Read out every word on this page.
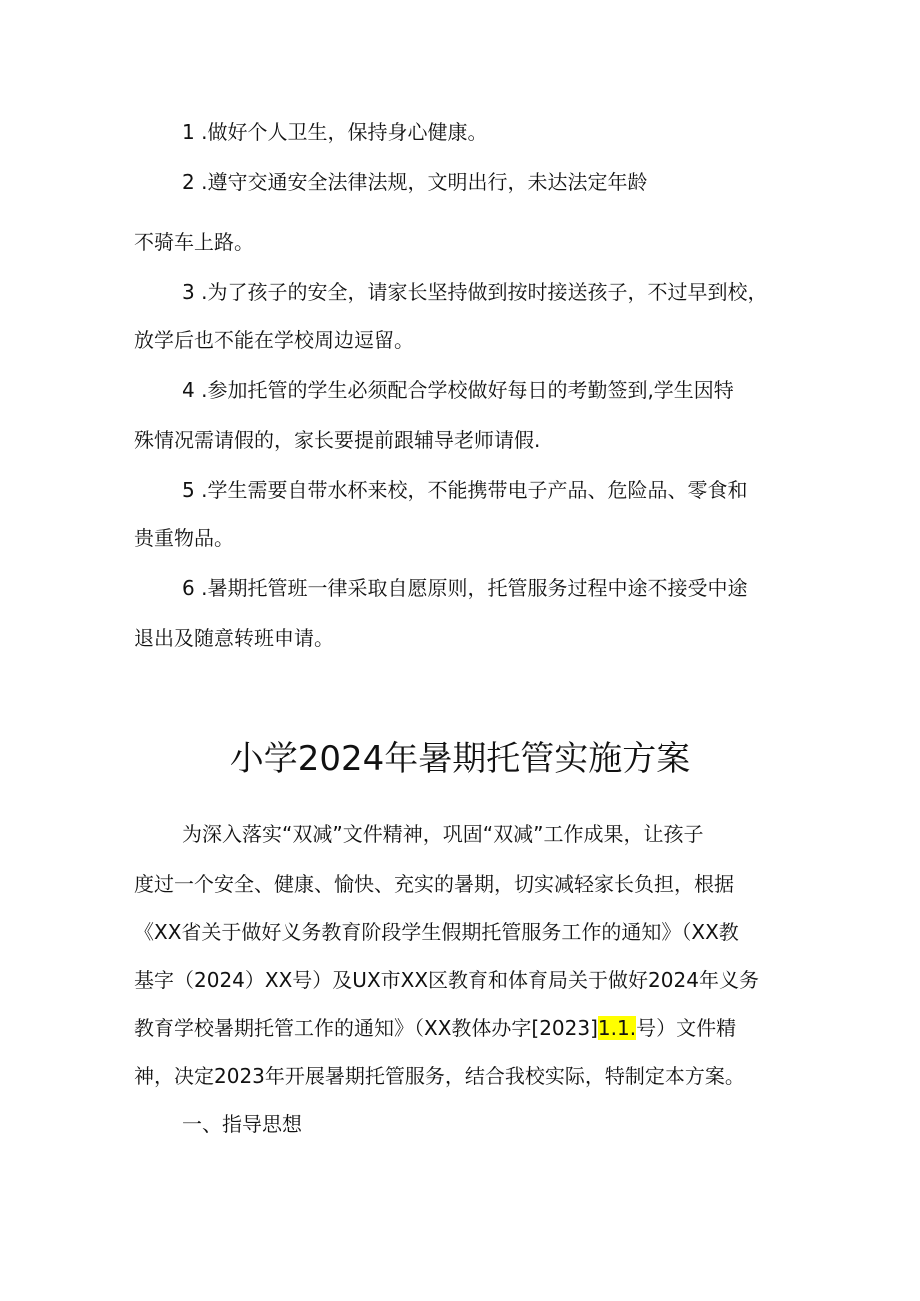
1 .做好个人卫生，保持身心健康。
2 .遵守交通安全法律法规，文明出行，未达法定年龄
不骑车上路。
3 .为了孩子的安全，请家长坚持做到按时接送孩子，不过早到校，
放学后也不能在学校周边逗留。
4 .参加托管的学生必须配合学校做好每日的考勤签到,学生因特
殊情况需请假的，家长要提前跟辅导老师请假.
5 .学生需要自带水杯来校，不能携带电子产品、危险品、零食和
贵重物品。
6 .暑期托管班一律采取自愿原则，托管服务过程中途不接受中途
退出及随意转班申请。
小学2024年暑期托管实施方案
为深入落实“双减”文件精神，巩固“双减”工作成果，让孩子
度过一个安全、健康、愉快、充实的暑期，切实减轻家长负担，根据
《XX省关于做好义务教育阶段学生假期托管服务工作的通知》（XX教
基字（2024）XX号）及UX市XX区教育和体育局关于做好2024年义务
教育学校暑期托管工作的通知》（XX教体办字[2023]1.1.号）文件精
神，决定2023年开展暑期托管服务，结合我校实际，特制定本方案。
一、指导思想
